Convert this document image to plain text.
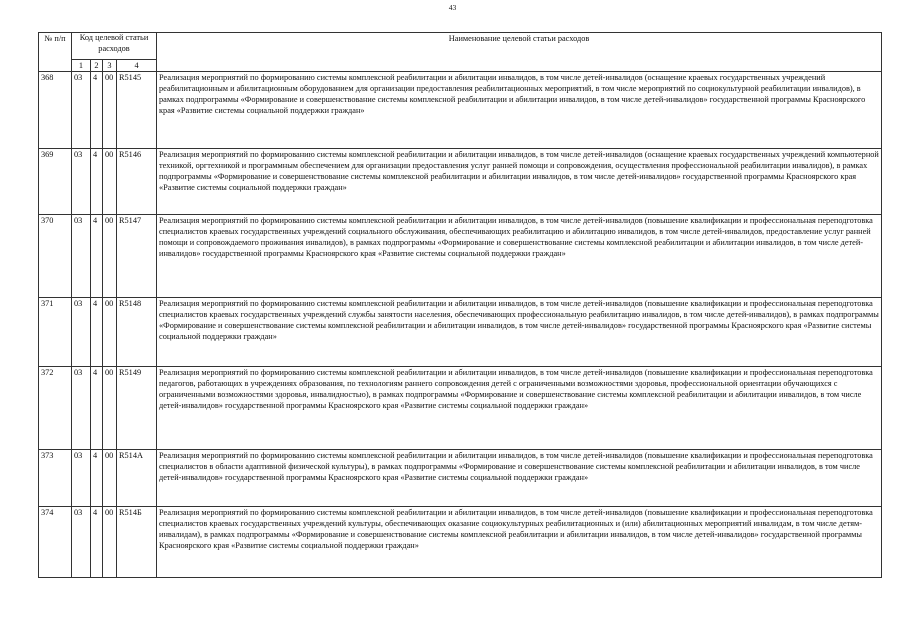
43
№ п/п	Код целевой статьи расходов				Наименование целевой статьи расходов
	1	2	3	4	
368	03	4	00	R5145	Реализация мероприятий по формированию системы комплексной реабилитации и абилитации инвалидов, в том числе детей-инвалидов (оснащение краевых государственных учреждений реабилитационным и абилитационным оборудованием для организации предоставления реабилитационных мероприятий, в том числе мероприятий по социокультурной реабилитации инвалидов), в рамках подпрограммы «Формирование и совершенствование системы комплексной реабилитации и абилитации инвалидов, в том числе детей-инвалидов» государственной программы Красноярского края «Развитие системы социальной поддержки граждан»
369	03	4	00	R5146	Реализация мероприятий по формированию системы комплексной реабилитации и абилитации инвалидов, в том числе детей-инвалидов (оснащение краевых государственных учреждений компьютерной техникой, оргтехникой и программным обеспечением для организации предоставления услуг ранней помощи и сопровождения, осуществления профессиональной реабилитации инвалидов), в рамках подпрограммы «Формирование и совершенствование системы комплексной реабилитации и абилитации инвалидов, в том числе детей-инвалидов» государственной программы Красноярского края «Развитие системы социальной поддержки граждан»
370	03	4	00	R5147	Реализация мероприятий по формированию системы комплексной реабилитации и абилитации инвалидов, в том числе детей-инвалидов (повышение квалификации и профессиональная переподготовка специалистов краевых государственных учреждений социального обслуживания, обеспечивающих реабилитацию и абилитацию инвалидов, в том числе детей-инвалидов, предоставление услуг ранней помощи и сопровождаемого проживания инвалидов), в рамках подпрограммы «Формирование и совершенствование системы комплексной реабилитации и абилитации инвалидов, в том числе детей-инвалидов» государственной программы Красноярского края «Развитие системы социальной поддержки граждан»
371	03	4	00	R5148	Реализация мероприятий по формированию системы комплексной реабилитации и абилитации инвалидов, в том числе детей-инвалидов (повышение квалификации и профессиональная переподготовка специалистов краевых государственных учреждений службы занятости населения, обеспечивающих профессиональную реабилитацию инвалидов, в том числе детей-инвалидов), в рамках подпрограммы «Формирование и совершенствование системы комплексной реабилитации и абилитации инвалидов, в том числе детей-инвалидов» государственной программы Красноярского края «Развитие системы социальной поддержки граждан»
372	03	4	00	R5149	Реализация мероприятий по формированию системы комплексной реабилитации и абилитации инвалидов, в том числе детей-инвалидов (повышение квалификации и профессиональная переподготовка педагогов, работающих в учреждениях образования, по технологиям раннего сопровождения детей с ограниченными возможностями здоровья, профессиональной ориентации обучающихся с ограниченными возможностями здоровья, инвалидностью), в рамках подпрограммы «Формирование и совершенствование системы комплексной реабилитации и абилитации инвалидов, в том числе детей-инвалидов» государственной программы Красноярского края «Развитие системы социальной поддержки граждан»
373	03	4	00	R514A	Реализация мероприятий по формированию системы комплексной реабилитации и абилитации инвалидов, в том числе детей-инвалидов (повышение квалификации и профессиональная переподготовка специалистов в области адаптивной физической культуры), в рамках подпрограммы «Формирование и совершенствование системы комплексной реабилитации и абилитации инвалидов, в том числе детей-инвалидов» государственной программы Красноярского края «Развитие системы социальной поддержки граждан»
374	03	4	00	R514Б	Реализация мероприятий по формированию системы комплексной реабилитации и абилитации инвалидов, в том числе детей-инвалидов (повышение квалификации и профессиональная переподготовка специалистов краевых государственных учреждений культуры, обеспечивающих оказание социокультурных реабилитационных и (или) абилитационных мероприятий инвалидам, в том числе детям-инвалидам), в рамках подпрограммы «Формирование и совершенствование системы комплексной реабилитации и абилитации инвалидов, в том числе детей-инвалидов» государственной программы Красноярского края «Развитие системы социальной поддержки граждан»
